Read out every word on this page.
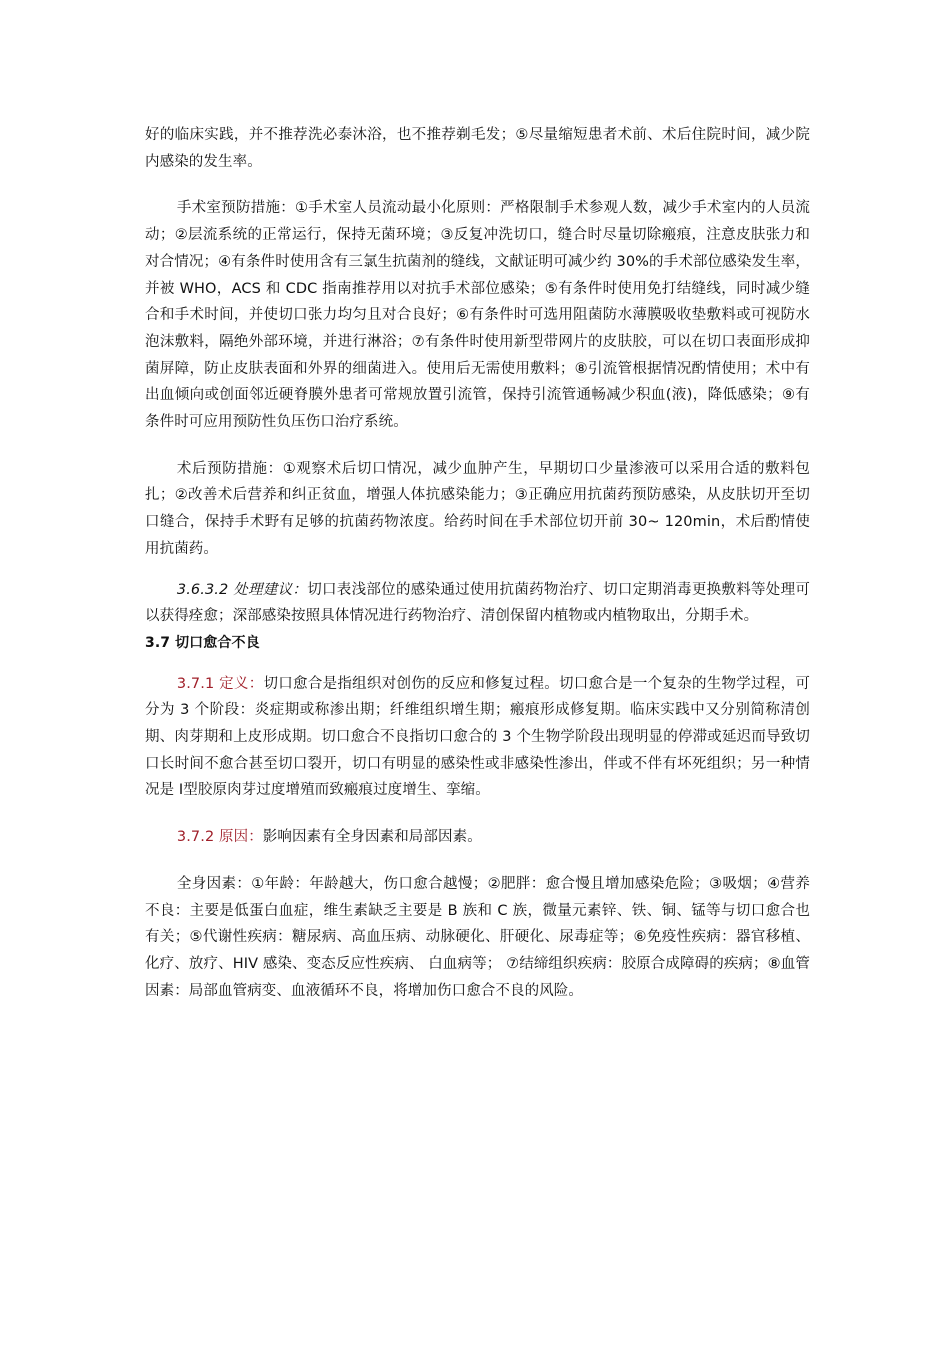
好的临床实践，并不推荐洗必泰沐浴，也不推荐剃毛发；⑤尽量缩短患者术前、术后住院时间，减少院内感染的发生率。

手术室预防措施：①手术室人员流动最小化原则：严格限制手术参观人数，减少手术室内的人员流动；②层流系统的正常运行，保持无菌环境；③反复冲洗切口，缝合时尽量切除瘢痕，注意皮肤张力和对合情况；④有条件时使用含有三氯生抗菌剂的缝线，文献证明可减少约 30%的手术部位感染发生率，并被 WHO，ACS 和 CDC 指南推荐用以对抗手术部位感染；⑤有条件时使用免打结缝线，同时减少缝合和手术时间，并使切口张力均匀且对合良好；⑥有条件时可选用阻菌防水薄膜吸收垫敷料或可视防水泡沫敷料，隔绝外部环境，并进行淋浴；⑦有条件时使用新型带网片的皮肤胶，可以在切口表面形成抑菌屏障，防止皮肤表面和外界的细菌进入。使用后无需使用敷料；⑧引流管根据情况酌情使用；术中有出血倾向或创面邻近硬脊膜外患者可常规放置引流管，保持引流管通畅减少积血(液)，降低感染；⑨有条件时可应用预防性负压伤口治疗系统。

术后预防措施：①观察术后切口情况，减少血肿产生，早期切口少量渗液可以采用合适的敷料包扎；②改善术后营养和纠正贫血，增强人体抗感染能力；③正确应用抗菌药预防感染，从皮肤切开至切口缝合，保持手术野有足够的抗菌药物浓度。给药时间在手术部位切开前 30~ 120min，术后酌情使用抗菌药。

3.6.3.2 处理建议：切口表浅部位的感染通过使用抗菌药物治疗、切口定期消毒更换敷料等处理可以获得痊愈；深部感染按照具体情况进行药物治疗、清创保留内植物或内植物取出，分期手术。

3.7 切口愈合不良

3.7.1 定义：切口愈合是指组织对创伤的反应和修复过程。切口愈合是一个复杂的生物学过程，可分为 3 个阶段：炎症期或称渗出期；纤维组织增生期；瘢痕形成修复期。临床实践中又分别简称清创期、肉芽期和上皮形成期。切口愈合不良指切口愈合的 3 个生物学阶段出现明显的停滞或延迟而导致切口长时间不愈合甚至切口裂开，切口有明显的感染性或非感染性渗出，伴或不伴有坏死组织；另一种情况是 Ⅰ型胶原肉芽过度增殖而致瘢痕过度增生、挛缩。

3.7.2 原因：影响因素有全身因素和局部因素。

全身因素：①年龄：年龄越大，伤口愈合越慢；②肥胖：愈合慢且增加感染危险；③吸烟；④营养不良：主要是低蛋白血症，维生素缺乏主要是 B 族和 C 族，微量元素锌、铁、铜、锰等与切口愈合也有关；⑤代谢性疾病：糖尿病、高血压病、动脉硬化、肝硬化、尿毒症等；⑥免疫性疾病：器官移植、化疗、放疗、HIV 感染、变态反应性疾病、 白血病等； ⑦结缔组织疾病：胶原合成障碍的疾病；⑧血管因素：局部血管病变、血液循环不良，将增加伤口愈合不良的风险。
